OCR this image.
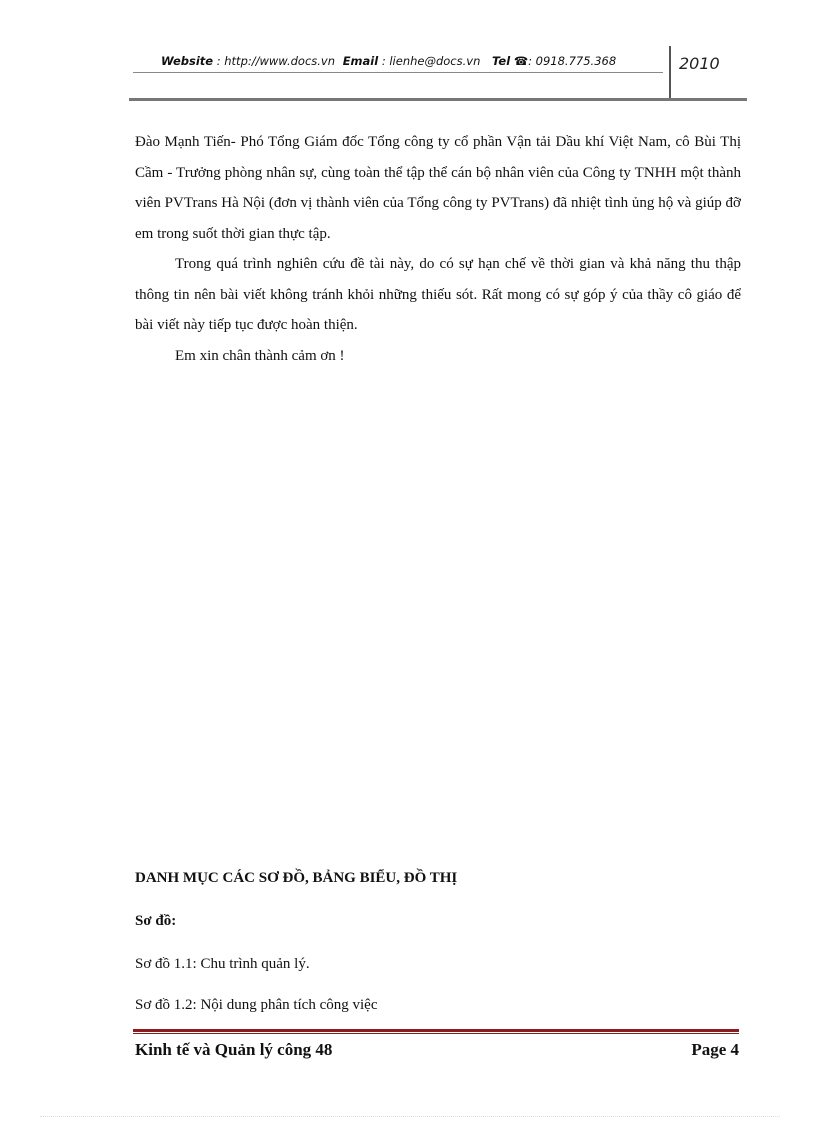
Website : http://www.docs.vn Email : lienhe@docs.vn Tel ☎: 0918.775.368	2010

Đào Mạnh Tiến- Phó Tổng Giám đốc Tổng công ty cổ phần Vận tải Dầu khí Việt Nam, cô Bùi Thị Cầm - Trưởng phòng nhân sự, cùng toàn thể tập thể cán bộ nhân viên của Công ty TNHH một thành viên PVTrans Hà Nội (đơn vị thành viên của Tổng công ty PVTrans) đã nhiệt tình ủng hộ và giúp đỡ em trong suốt thời gian thực tập.

Trong quá trình nghiên cứu đề tài này, do có sự hạn chế về thời gian và khả năng thu thập thông tin nên bài viết không tránh khỏi những thiếu sót. Rất mong có sự góp ý của thầy cô giáo để bài viết này tiếp tục được hoàn thiện.

Em xin chân thành cảm ơn !

DANH MỤC CÁC SƠ ĐỒ, BẢNG BIỂU, ĐỒ THỊ

Sơ đồ:

Sơ đồ 1.1: Chu trình quản lý.

Sơ đồ 1.2: Nội dung phân tích công việc

Kinh tế và Quản lý công 48	Page 4
